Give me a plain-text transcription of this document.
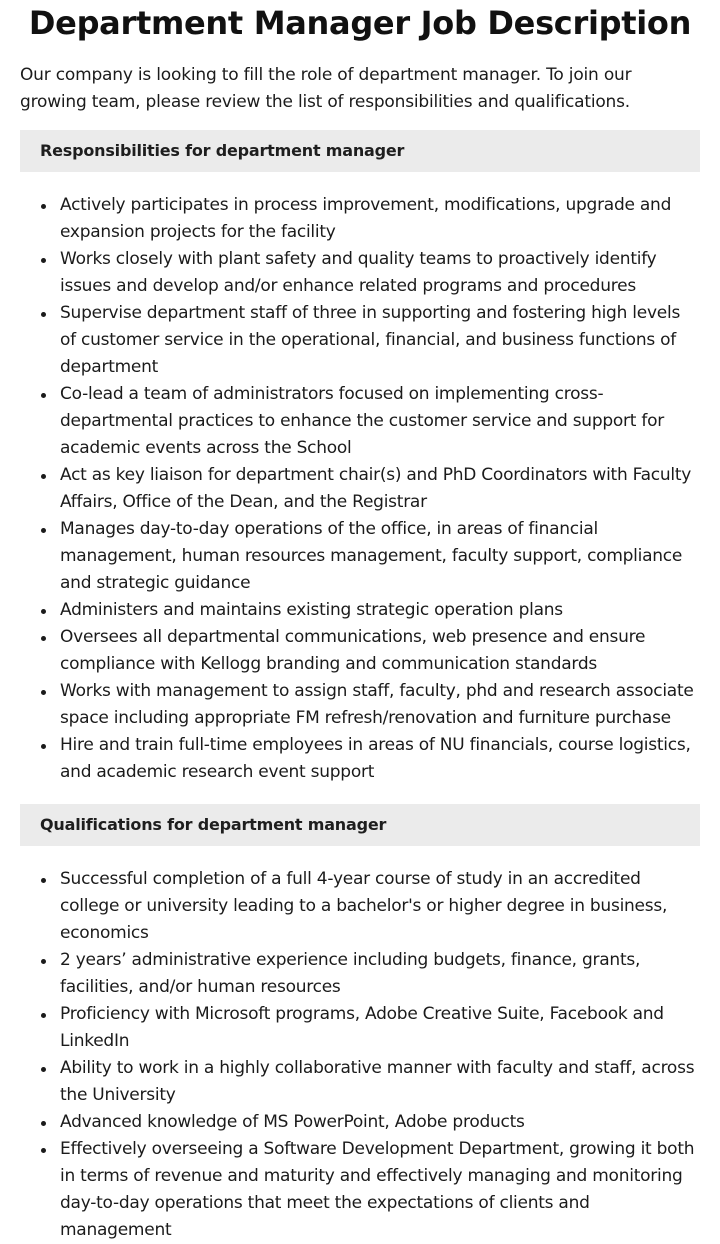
Department Manager Job Description

Our company is looking to fill the role of department manager. To join our growing team, please review the list of responsibilities and qualifications.

Responsibilities for department manager
Actively participates in process improvement, modifications, upgrade and expansion projects for the facility
Works closely with plant safety and quality teams to proactively identify issues and develop and/or enhance related programs and procedures
Supervise department staff of three in supporting and fostering high levels of customer service in the operational, financial, and business functions of department
Co-lead a team of administrators focused on implementing cross-departmental practices to enhance the customer service and support for academic events across the School
Act as key liaison for department chair(s) and PhD Coordinators with Faculty Affairs, Office of the Dean, and the Registrar
Manages day-to-day operations of the office, in areas of financial management, human resources management, faculty support, compliance and strategic guidance
Administers and maintains existing strategic operation plans
Oversees all departmental communications, web presence and ensure compliance with Kellogg branding and communication standards
Works with management to assign staff, faculty, phd and research associate space including appropriate FM refresh/renovation and furniture purchase
Hire and train full-time employees in areas of NU financials, course logistics, and academic research event support
Qualifications for department manager
Successful completion of a full 4-year course of study in an accredited college or university leading to a bachelor's or higher degree in business, economics
2 years’ administrative experience including budgets, finance, grants, facilities, and/or human resources
Proficiency with Microsoft programs, Adobe Creative Suite, Facebook and LinkedIn
Ability to work in a highly collaborative manner with faculty and staff, across the University
Advanced knowledge of MS PowerPoint, Adobe products
Effectively overseeing a Software Development Department, growing it both in terms of revenue and maturity and effectively managing and monitoring day-to-day operations that meet the expectations of clients and management
